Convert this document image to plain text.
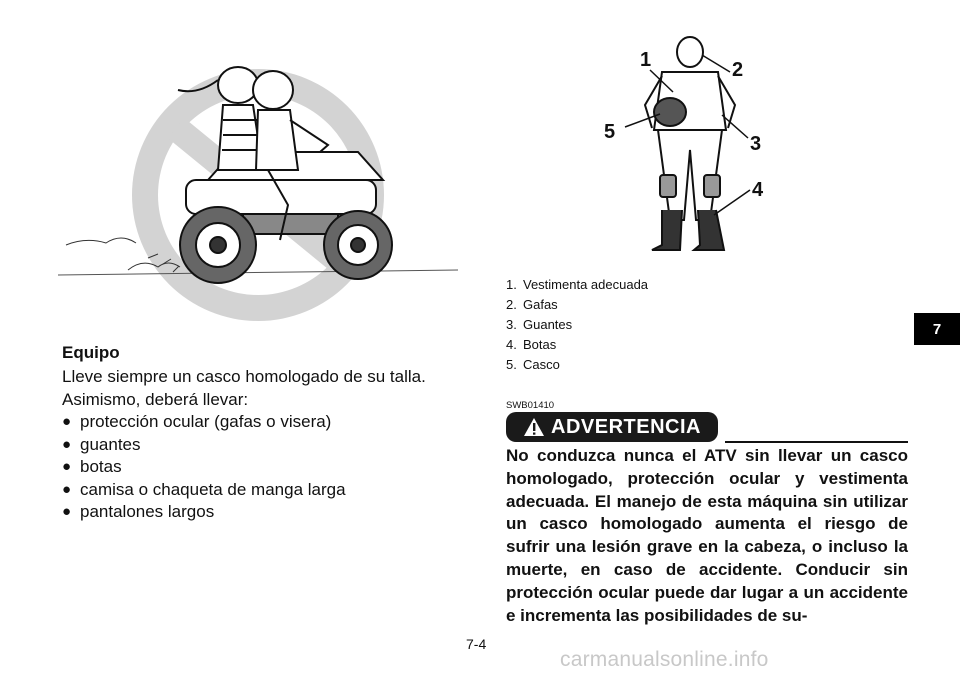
1	2
3
4
5
Equipo

Lleve siempre un casco homologado de su talla.

Asimismo, deberá llevar:

● protección ocular (gafas o visera)
● guantes
● botas
● camisa o chaqueta de manga larga
● pantalones largos
1. Vestimenta adecuada
2. Gafas
3. Guantes
4. Botas
5. Casco
SWB01410
ADVERTENCIA
No conduzca nunca el ATV sin llevar un casco homologado, protección ocular y vestimenta adecuada. El manejo de esta máquina sin utilizar un casco homologado aumenta el riesgo de sufrir una lesión grave en la cabeza, o incluso la muerte, en caso de accidente. Conducir sin protección ocular puede dar lugar a un accidente e incrementa las posibilidades de su-
7-4
7
carmanualsonline.info
